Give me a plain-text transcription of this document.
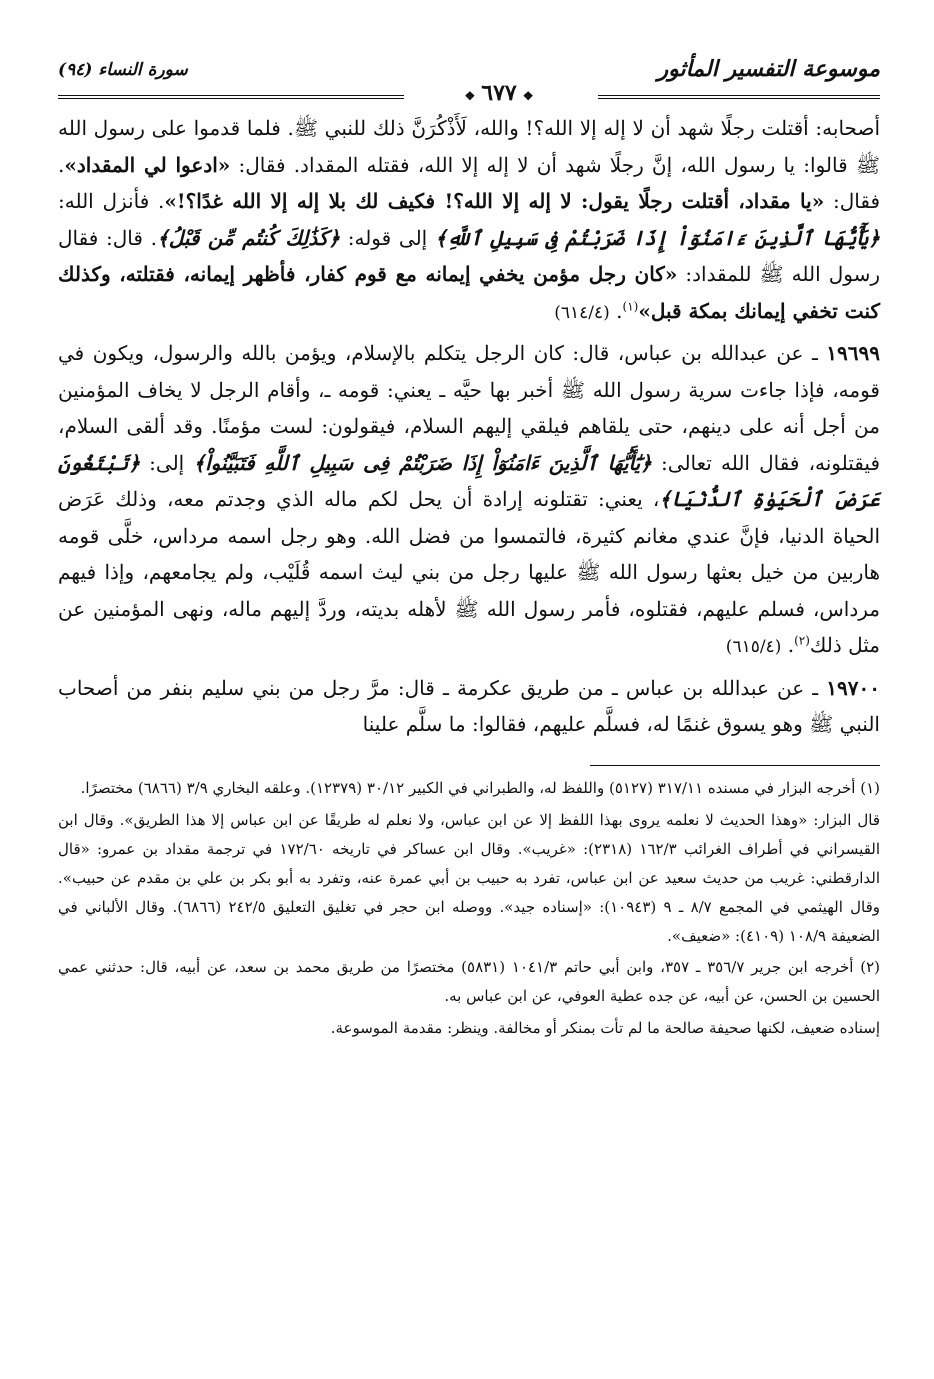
موسوعة التفسير المأثور
❖٦٧٧❖
سورة النساء (٩٤)

أصحابه: أقتلت رجلًا شهد أن لا إله إلا الله؟! والله، لَأَذْكُرَنَّ ذلك للنبي ﷺ. فلما قدموا على رسول الله ﷺ قالوا: يا رسول الله، إنَّ رجلًا شهد أن لا إله إلا الله، فقتله المقداد. فقال: «ادعوا لي المقداد». فقال: «يا مقداد، أقتلت رجلًا يقول: لا إله إلا الله؟! فكيف لك بلا إله إلا الله غدًا؟!». فأنزل الله: ﴿يَٰٓأَيُّهَا ٱلَّذِينَ ءَامَنُوٓاْ إِذَا ضَرَبْتُمْ فِى سَبِيلِ ٱللَّهِ﴾ إلى قوله: ﴿كَذَٰلِكَ كُنتُم مِّن قَبْلُ﴾. قال: فقال رسول الله ﷺ للمقداد: «كان رجل مؤمن يخفي إيمانه مع قوم كفار، فأظهر إيمانه، فقتلته، وكذلك كنت تخفي إيمانك بمكة قبل»$^{(١)}$. (٦١٤/٤)

١٩٦٩٩ ـ عن عبدالله بن عباس، قال: كان الرجل يتكلم بالإسلام، ويؤمن بالله والرسول، ويكون في قومه، فإذا جاءت سرية رسول الله ﷺ أخبر بها حيَّه ـ يعني: قومه ـ، وأقام الرجل لا يخاف المؤمنين من أجل أنه على دينهم، حتى يلقاهم فيلقي إليهم السلام، فيقولون: لست مؤمنًا. وقد ألقى السلام، فيقتلونه، فقال الله تعالى: ﴿يَٰٓأَيُّهَا ٱلَّذِينَ ءَامَنُوٓاْ إِذَا ضَرَبْتُمْ فِى سَبِيلِ ٱللَّهِ فَتَبَيَّنُواْ﴾ إلى: ﴿تَبْتَغُونَ عَرَضَ ٱلْحَيَوٰةِ ٱلدُّنْيَا﴾، يعني: تقتلونه إرادة أن يحل لكم ماله الذي وجدتم معه، وذلك عَرَض الحياة الدنيا، فإنَّ عندي مغانم كثيرة، فالتمسوا من فضل الله. وهو رجل اسمه مرداس، خلَّى قومه هاربين من خيل بعثها رسول الله ﷺ عليها رجل من بني ليث اسمه قُلَيْب، ولم يجامعهم، وإذا فيهم مرداس، فسلم عليهم، فقتلوه، فأمر رسول الله ﷺ لأهله بديته، وردَّ إليهم ماله، ونهى المؤمنين عن مثل ذلك$^{(٢)}$. (٦١٥/٤)

١٩٧٠٠ ـ عن عبدالله بن عباس ـ من طريق عكرمة ـ قال: مرَّ رجل من بني سليم بنفر من أصحاب النبي ﷺ وهو يسوق غنمًا له، فسلَّم عليهم، فقالوا: ما سلَّم علينا

(١) أخرجه البزار في مسنده ٣١٧/١١ (٥١٢٧) واللفظ له، والطبراني في الكبير ٣٠/١٢ (١٢٣٧٩). وعلقه البخاري ٣/٩ (٦٨٦٦) مختصرًا.

قال البزار: «وهذا الحديث لا نعلمه يروى بهذا اللفظ إلا عن ابن عباس، ولا نعلم له طريقًا عن ابن عباس إلا هذا الطريق». وقال ابن القيسراني في أطراف الغرائب ١٦٢/٣ (٢٣١٨): «غريب». وقال ابن عساكر في تاريخه ١٧٢/٦٠ في ترجمة مقداد بن عمرو: «قال الدارقطني: غريب من حديث سعيد عن ابن عباس، تفرد به حبيب بن أبي عمرة عنه، وتفرد به أبو بكر بن علي بن مقدم عن حبيب». وقال الهيثمي في المجمع ٨/٧ ـ ٩ (١٠٩٤٣): «إسناده جيد». ووصله ابن حجر في تغليق التعليق ٢٤٢/٥ (٦٨٦٦). وقال الألباني في الضعيفة ١٠٨/٩ (٤١٠٩): «ضعيف».

(٢) أخرجه ابن جرير ٣٥٦/٧ ـ ٣٥٧، وابن أبي حاتم ١٠٤١/٣ (٥٨٣١) مختصرًا من طريق محمد بن سعد، عن أبيه، قال: حدثني عمي الحسين بن الحسن، عن أبيه، عن جده عطية العوفي، عن ابن عباس به.

إسناده ضعيف، لكنها صحيفة صالحة ما لم تأت بمنكر أو مخالفة. وينظر: مقدمة الموسوعة.
